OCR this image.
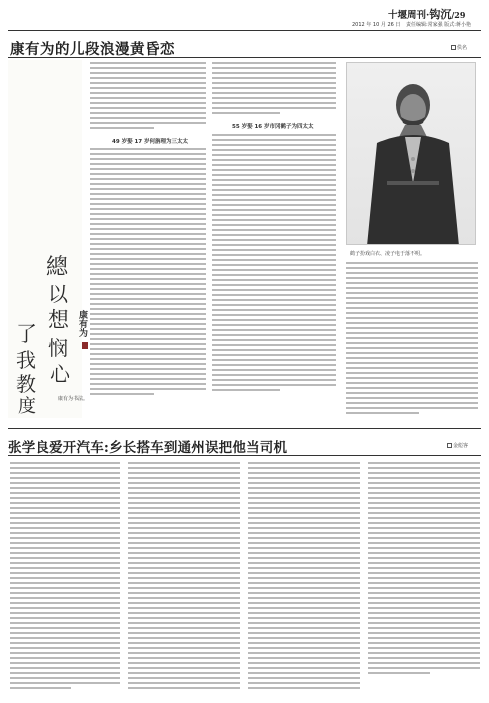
十堰周刊·钩沉/29
2012 年 10 月 26 日 责任编辑:常家强 版式:蒋小艳
康有为的儿段浪漫黄昏恋	佚名
總
以
想
悯
心
了
我
教
度
康有为
康有为书法。
49 岁娶 17 岁何旃理为三太太
55 岁娶 16 岁市冈鹤子为四太太
鹤子扮戏白衣、凌子电于落不明。
张学良爱开汽车:乡长搭车到通州误把他当司机	金彪客
